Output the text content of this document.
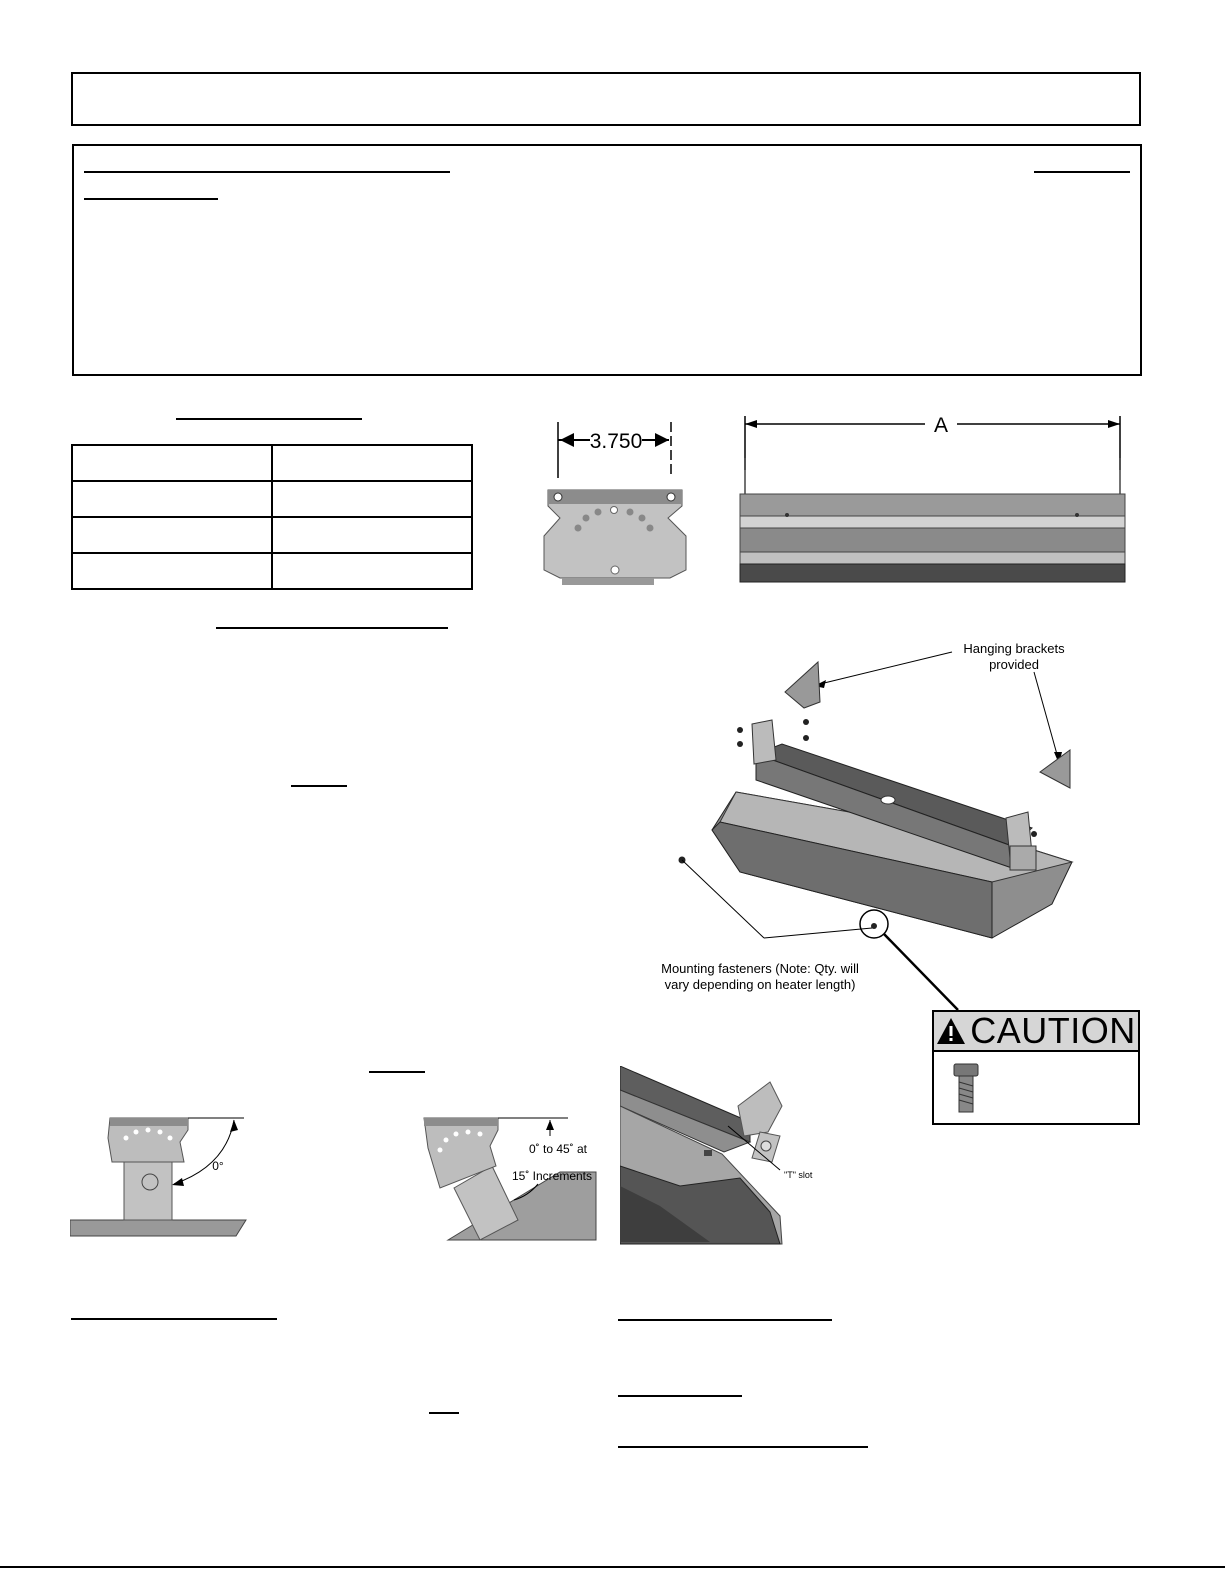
3.750
A
Hanging brackets
provided
Mounting fasteners (Note: Qty. will
vary depending on heater length)
CAUTION
0°
0˚ to 45˚ at
15˚ Increments	"T" slot
